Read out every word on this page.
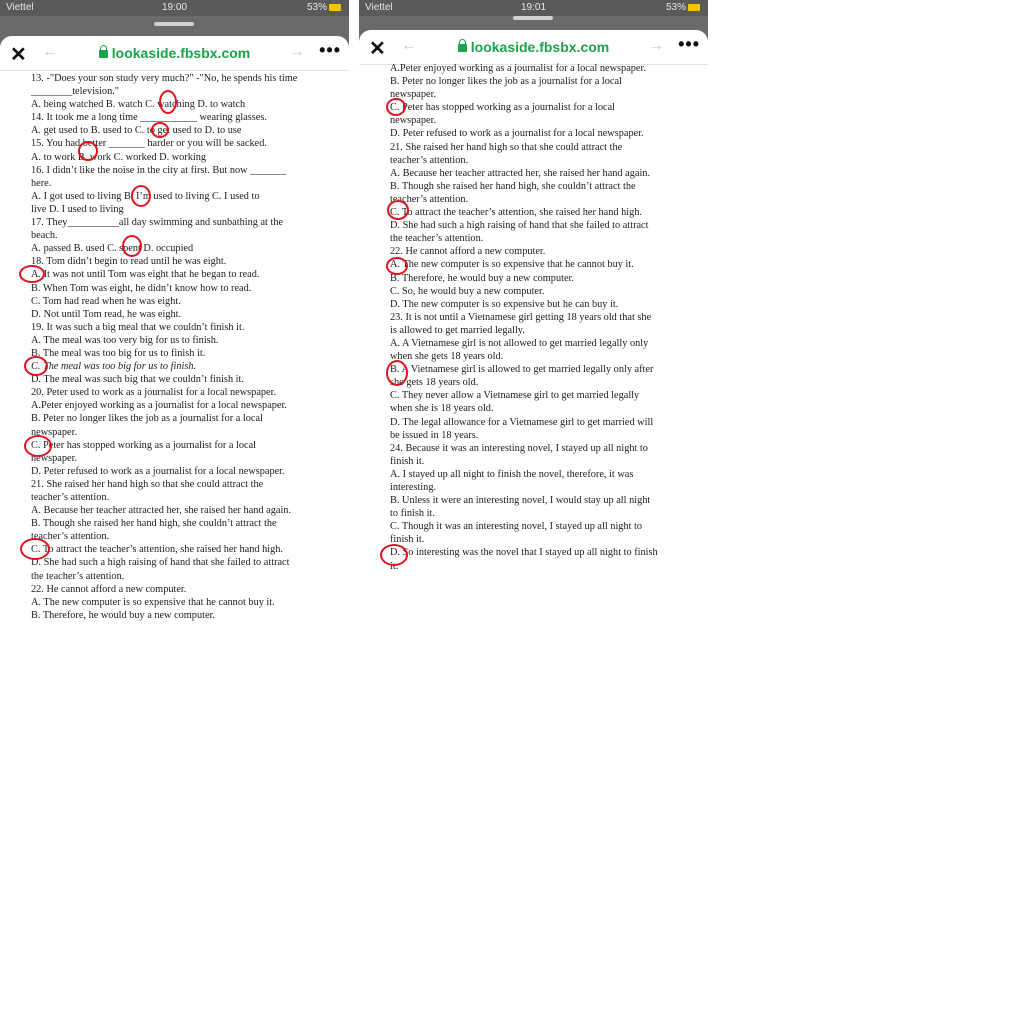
Viettel	19:00	53%
✕ ←	lookaside.fbsbx.com	→ •••

13. -"Does your son study very much?" -"No, he spends his time

________television."

A. being watched B. watch C. watching D. to watch

14. It took me a long time ___________ wearing glasses.

A. get used to B. used to C. to get used to D. to use

15. You had better _______ harder or you will be sacked.

A. to work B. work C. worked D. working

16. I didn’t like the noise in the city at first. But now _______

here.

A. I got used to living B. I’m used to living C. I used to

live D. I used to living

17. They__________all day swimming and sunbathing at the

beach.

A. passed B. used C. spent D. occupied

18. Tom didn’t begin to read until he was eight.

A. It was not until Tom was eight that he began to read.

B. When Tom was eight, he didn’t know how to read.

C. Tom had read when he was eight.

D. Not until Tom read, he was eight.

19. It was such a big meal that we couldn’t finish it.

A. The meal was too very big for us to finish.

B. The meal was too big for us to finish it.

C. The meal was too big for us to finish.

D. The meal was such big that we couldn’t finish it.

20. Peter used to work as a journalist for a local newspaper.

A.Peter enjoyed working as a journalist for a local newspaper.

B. Peter no longer likes the job as a journalist for a local

newspaper.

C. Peter has stopped working as a journalist for a local

newspaper.

D. Peter refused to work as a journalist for a local newspaper.

21. She raised her hand high so that she could attract the

teacher’s attention.

A. Because her teacher attracted her, she raised her hand again.

B. Though she raised her hand high, she couldn’t attract the

teacher’s attention.

C. To attract the teacher’s attention, she raised her hand high.

D. She had such a high raising of hand that she failed to attract

the teacher’s attention.

22. He cannot afford a new computer.

A. The new computer is so expensive that he cannot buy it.

B. Therefore, he would buy a new computer.

Viettel	19:01	53%
✕ ←	lookaside.fbsbx.com	→ •••

A.Peter enjoyed working as a journalist for a local newspaper.

B. Peter no longer likes the job as a journalist for a local

newspaper.

C. Peter has stopped working as a journalist for a local

newspaper.

D. Peter refused to work as a journalist for a local newspaper.

21. She raised her hand high so that she could attract the

teacher’s attention.

A. Because her teacher attracted her, she raised her hand again.

B. Though she raised her hand high, she couldn’t attract the

teacher’s attention.

C. To attract the teacher’s attention, she raised her hand high.

D. She had such a high raising of hand that she failed to attract

the teacher’s attention.

22. He cannot afford a new computer.

A. The new computer is so expensive that he cannot buy it.

B. Therefore, he would buy a new computer.

C. So, he would buy a new computer.

D. The new computer is so expensive but he can buy it.

23. It is not until a Vietnamese girl getting 18 years old that she

is allowed to get married legally.

A. A Vietnamese girl is not allowed to get married legally only

when she gets 18 years old.

B. A Vietnamese girl is allowed to get married legally only after

she gets 18 years old.

C. They never allow a Vietnamese girl to get married legally

when she is 18 years old.

D. The legal allowance for a Vietnamese girl to get married will

be issued in 18 years.

24. Because it was an interesting novel, I stayed up all night to

finish it.

A. I stayed up all night to finish the novel, therefore, it was

interesting.

B. Unless it were an interesting novel, I would stay up all night

to finish it.

C. Though it was an interesting novel, I stayed up all night to

finish it.

D. So interesting was the novel that I stayed up all night to finish

it.
